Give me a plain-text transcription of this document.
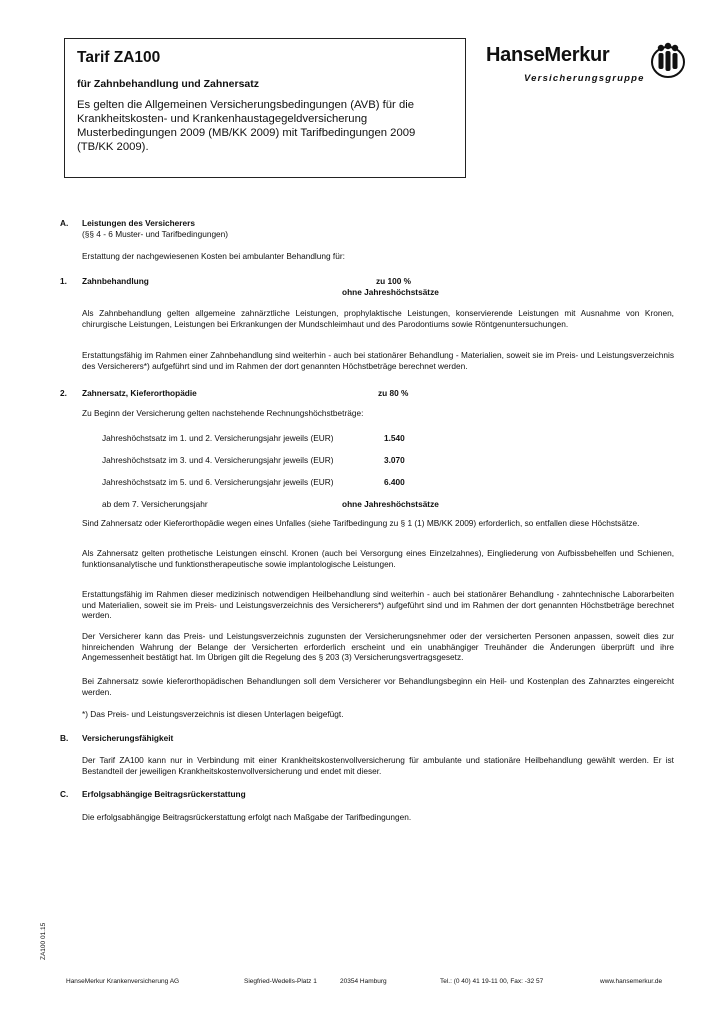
Tarif ZA100
für Zahnbehandlung und Zahnersatz
Es gelten die Allgemeinen Versicherungsbedingungen (AVB) für die Krankheitskosten- und Krankenhaustagegeldversicherung Musterbedingungen 2009 (MB/KK 2009) mit Tarifbedingungen 2009 (TB/KK 2009).
HanseMerkur
Versicherungsgruppe
A. Leistungen des Versicherers
(§§ 4 - 6 Muster- und Tarifbedingungen)
Erstattung der nachgewiesenen Kosten bei ambulanter Behandlung für:
1. Zahnbehandlung	zu 100 %
ohne Jahreshöchstsätze
Als Zahnbehandlung gelten allgemeine zahnärztliche Leistungen, prophylaktische Leistungen, konservierende Leistungen mit Ausnahme von Kronen, chirurgische Leistungen, Leistungen bei Erkrankungen der Mundschleimhaut und des Parodontiums sowie Röntgenuntersuchungen.
Erstattungsfähig im Rahmen einer Zahnbehandlung sind weiterhin - auch bei stationärer Behandlung - Materialien, soweit sie im Preis- und Leistungsverzeichnis des Versicherers*) aufgeführt sind und im Rahmen der dort genannten Höchstbeträge berechnet werden.
2. Zahnersatz, Kieferorthopädie	zu 80 %
Zu Beginn der Versicherung gelten nachstehende Rechnungshöchstbeträge:
Jahreshöchstsatz im 1. und 2. Versicherungsjahr jeweils (EUR)	1.540
Jahreshöchstsatz im 3. und 4. Versicherungsjahr jeweils (EUR)	3.070
Jahreshöchstsatz im 5. und 6. Versicherungsjahr jeweils (EUR)	6.400
ab dem 7. Versicherungsjahr	ohne Jahreshöchstsätze
Sind Zahnersatz oder Kieferorthopädie wegen eines Unfalles (siehe Tarifbedingung zu § 1 (1) MB/KK 2009) erforderlich, so entfallen diese Höchstsätze.
Als Zahnersatz gelten prothetische Leistungen einschl. Kronen (auch bei Versorgung eines Einzelzahnes), Eingliederung von Aufbissbehelfen und Schienen, funktionsanalytische und funktionstherapeutische sowie implantologische Leistungen.
Erstattungsfähig im Rahmen dieser medizinisch notwendigen Heilbehandlung sind weiterhin - auch bei stationärer Behandlung - zahntechnische Laborarbeiten und Materialien, soweit sie im Preis- und Leistungsverzeichnis des Versicherers*) aufgeführt sind und im Rahmen der dort genannten Höchstbeträge berechnet werden.
Der Versicherer kann das Preis- und Leistungsverzeichnis zugunsten der Versicherungsnehmer oder der versicherten Personen anpassen, soweit dies zur hinreichenden Wahrung der Belange der Versicherten erforderlich erscheint und ein unabhängiger Treuhänder die Änderungen überprüft und ihre Angemessenheit bestätigt hat. Im Übrigen gilt die Regelung des § 203 (3) Versicherungsvertragsgesetz.
Bei Zahnersatz sowie kieferorthopädischen Behandlungen soll dem Versicherer vor Behandlungsbeginn ein Heil- und Kostenplan des Zahnarztes eingereicht werden.
*) Das Preis- und Leistungsverzeichnis ist diesen Unterlagen beigefügt.
B. Versicherungsfähigkeit
Der Tarif ZA100 kann nur in Verbindung mit einer Krankheitskostenvollversicherung für ambulante und stationäre Heilbehandlung gewählt werden. Er ist Bestandteil der jeweiligen Krankheitskostenvollversicherung und endet mit dieser.
C. Erfolgsabhängige Beitragsrückerstattung
Die erfolgsabhängige Beitragsrückerstattung erfolgt nach Maßgabe der Tarifbedingungen.
ZA100 01.15
HanseMerkur Krankenversicherung AG	Siegfried-Wedells-Platz 1	20354 Hamburg	Tel.: (0 40) 41 19-11 00, Fax: -32 57	www.hansemerkur.de
